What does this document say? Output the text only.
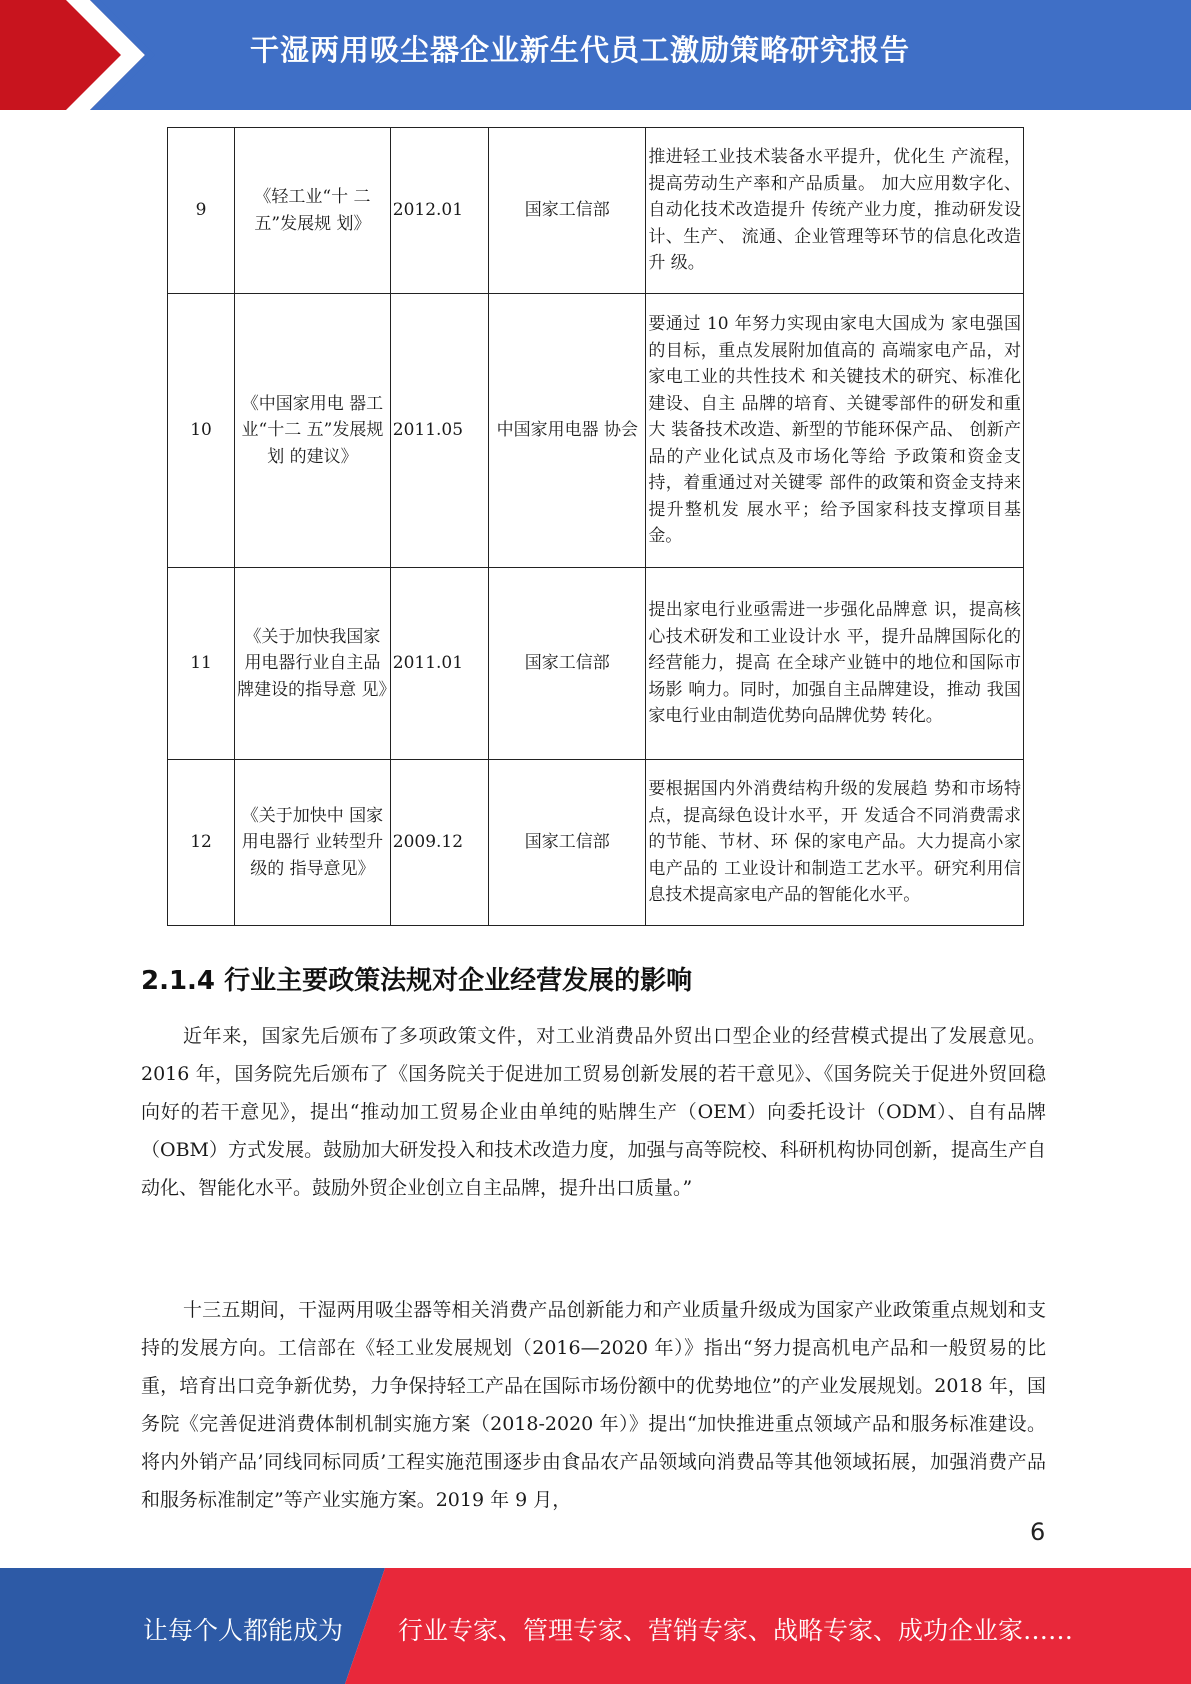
干湿两用吸尘器企业新生代员工激励策略研究报告
9	《轻工业“十 二五”发展规 划》	2012.01	国家工信部	推进轻工业技术装备水平提升，优化生 产流程，提高劳动生产率和产品质量。 加大应用数字化、自动化技术改造提升 传统产业力度，推动研发设计、生产、 流通、企业管理等环节的信息化改造升 级。
10	《中国家用电 器工业“十二 五”发展规划 的建议》	2011.05	中国家用电器 协会	要通过 10 年努力实现由家电大国成为 家电强国的目标，重点发展附加值高的 高端家电产品，对家电工业的共性技术 和关键技术的研究、标准化建设、自主 品牌的培育、关键零部件的研发和重大 装备技术改造、新型的节能环保产品、 创新产品的产业化试点及市场化等给 予政策和资金支持，着重通过对关键零 部件的政策和资金支持来提升整机发 展水平；给予国家科技支撑项目基金。
11	《关于加快我国家用电器行业自主品牌建设的指导意 见》	2011.01	国家工信部	提出家电行业亟需进一步强化品牌意 识，提高核心技术研发和工业设计水 平，提升品牌国际化的经营能力，提高 在全球产业链中的地位和国际市场影 响力。同时，加强自主品牌建设，推动 我国家电行业由制造优势向品牌优势 转化。
12	《关于加快中 国家用电器行 业转型升级的 指导意见》	2009.12	国家工信部	要根据国内外消费结构升级的发展趋 势和市场特点，提高绿色设计水平，开 发适合不同消费需求的节能、节材、环 保的家电产品。大力提高小家电产品的 工业设计和制造工艺水平。研究利用信 息技术提高家电产品的智能化水平。
2.1.4 行业主要政策法规对企业经营发展的影响

近年来，国家先后颁布了多项政策文件，对工业消费品外贸出口型企业的经营模式提出了发展意见。2016 年，国务院先后颁布了《国务院关于促进加工贸易创新发展的若干意见》、《国务院关于促进外贸回稳向好的若干意见》，提出“推动加工贸易企业由单纯的贴牌生产（OEM）向委托设计（ODM）、自有品牌（OBM）方式发展。鼓励加大研发投入和技术改造力度，加强与高等院校、科研机构协同创新，提高生产自动化、智能化水平。鼓励外贸企业创立自主品牌，提升出口质量。”

十三五期间，干湿两用吸尘器等相关消费产品创新能力和产业质量升级成为国家产业政策重点规划和支持的发展方向。工信部在《轻工业发展规划（2016—2020 年）》指出“努力提高机电产品和一般贸易的比重，培育出口竞争新优势，力争保持轻工产品在国际市场份额中的优势地位”的产业发展规划。2018 年，国务院《完善促进消费体制机制实施方案（2018-2020 年）》提出“加快推进重点领域产品和服务标准建设。将内外销产品’同线同标同质’工程实施范围逐步由食品农产品领域向消费品等其他领域拓展，加强消费产品和服务标准制定”等产业实施方案。2019 年 9 月，

6
让每个人都能成为 行业专家、管理专家、营销专家、战略专家、成功企业家……
